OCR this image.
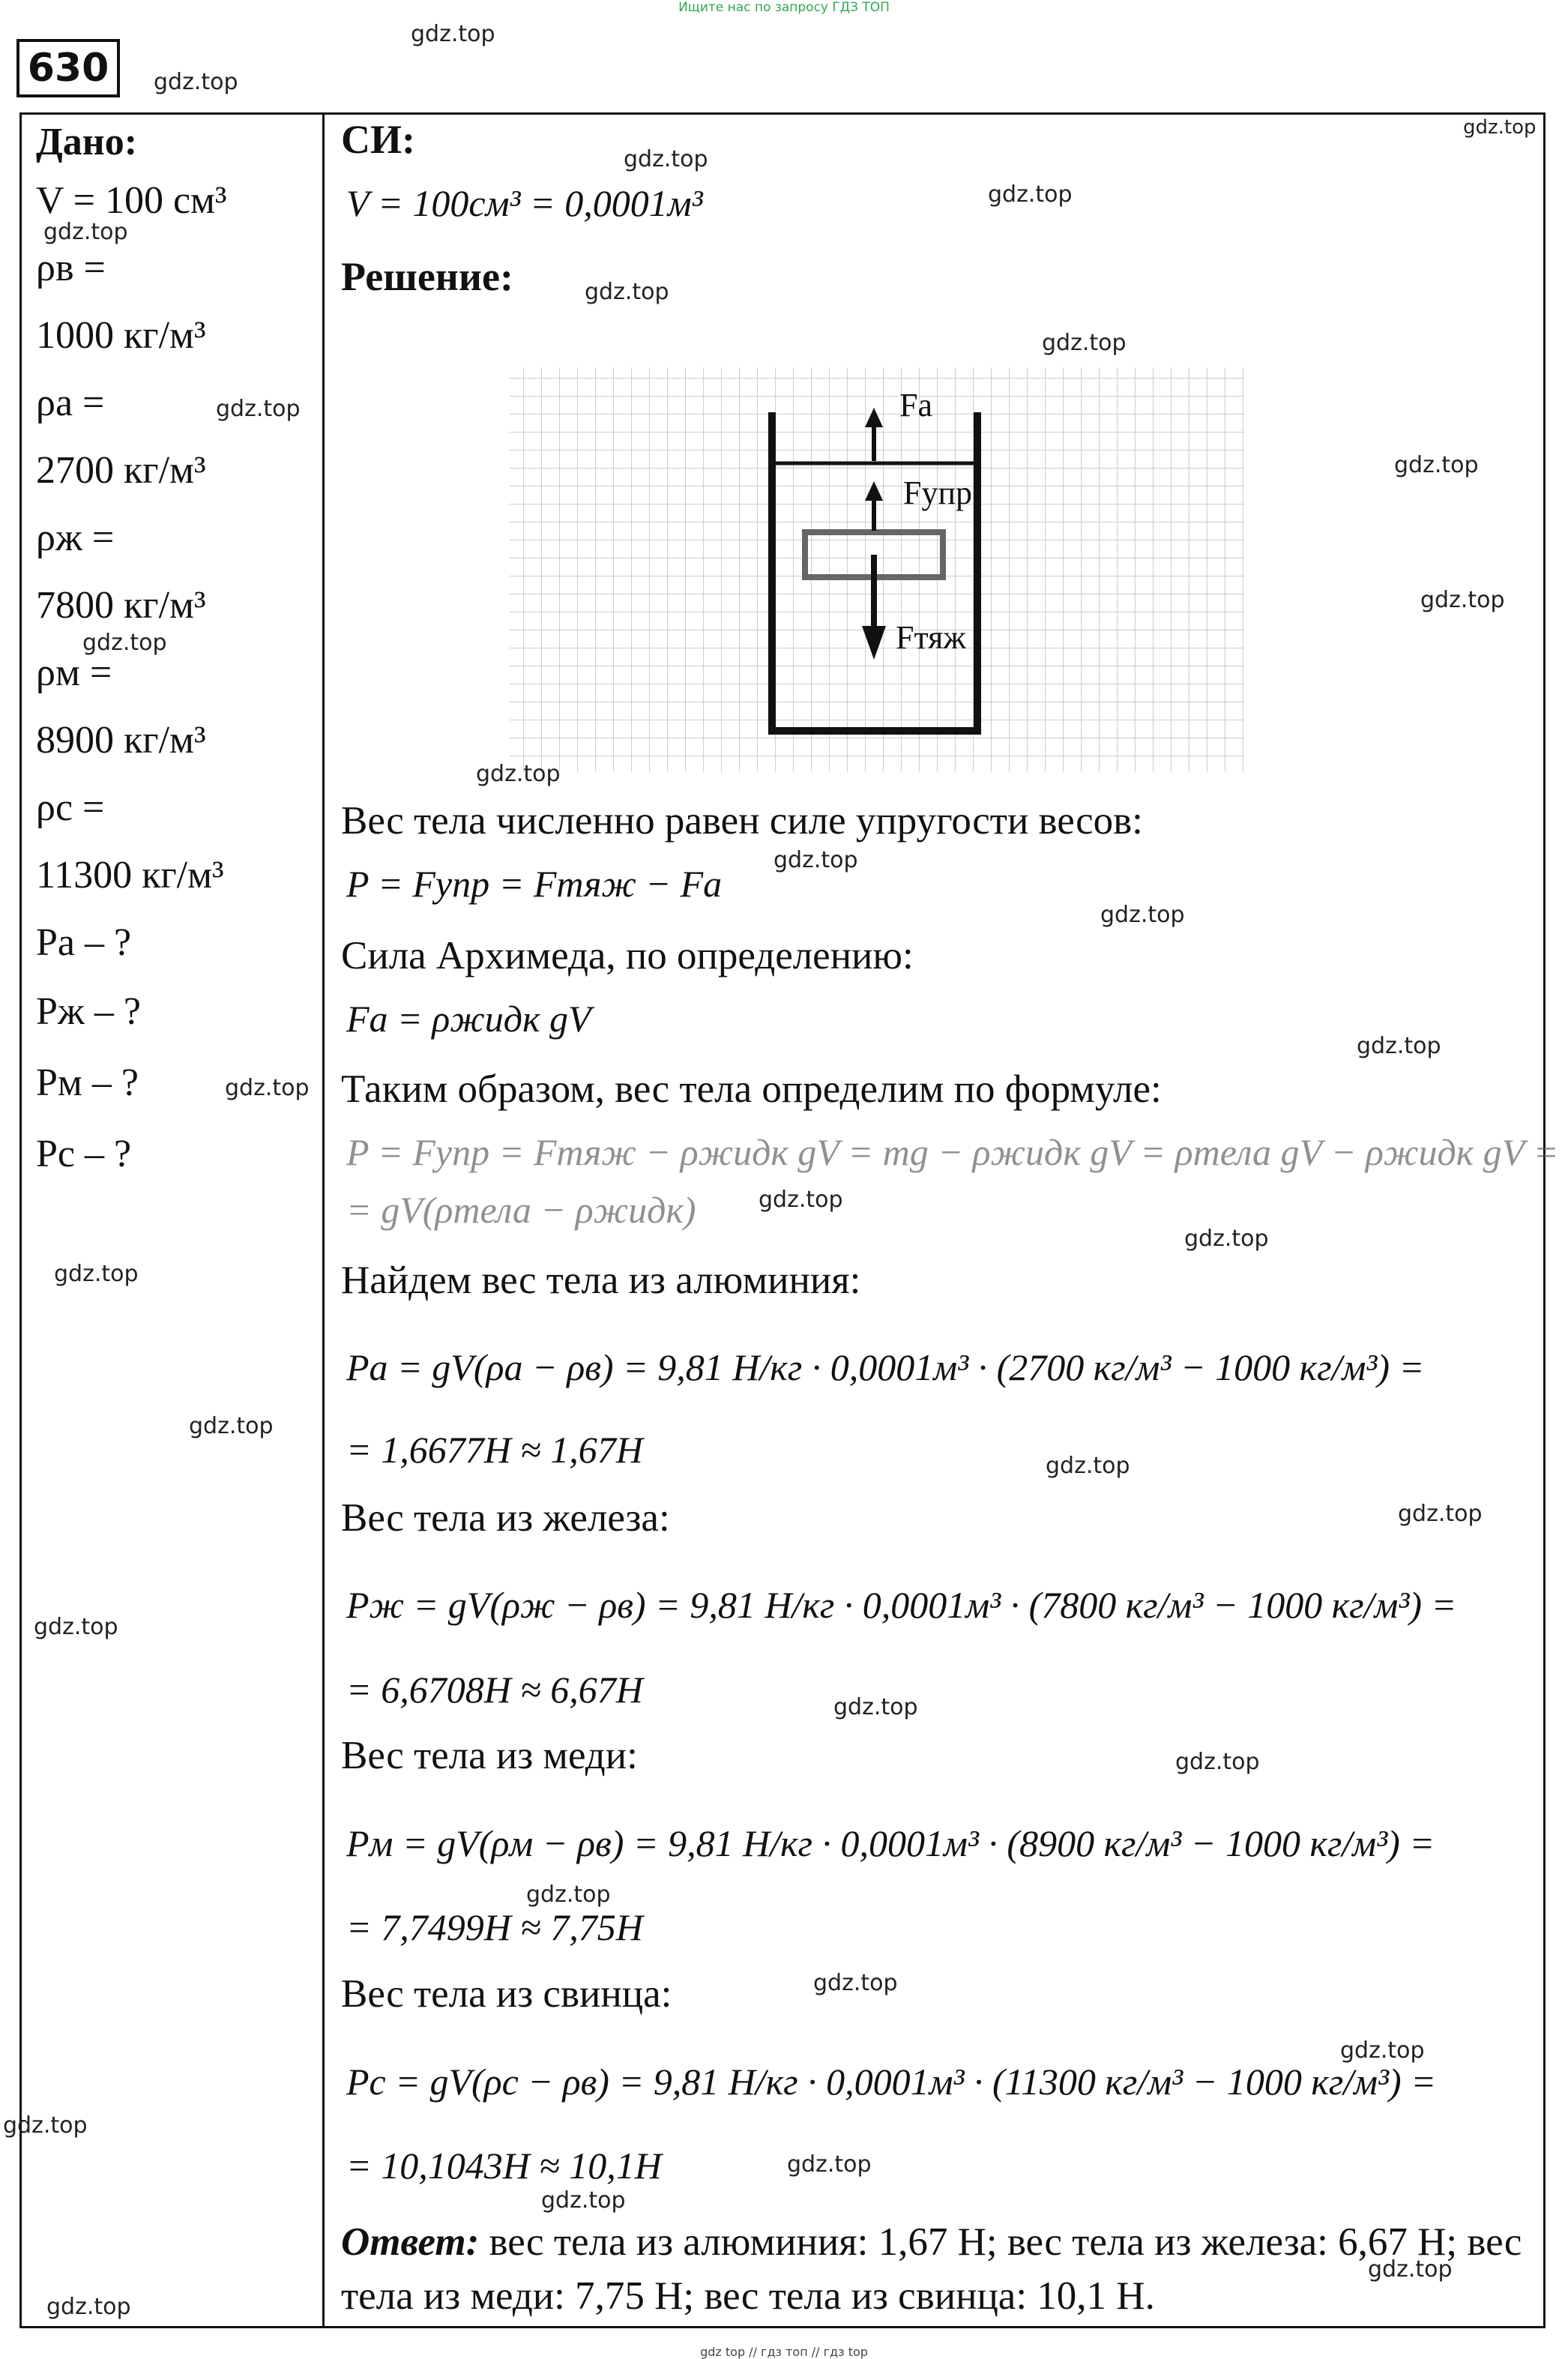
Ищите нас по запросу ГДЗ ТОП
630
Дано:
V = 100 см³
ρв =
1000 кг/м³
ρа =
2700 кг/м³
ρж =
7800 кг/м³
ρм =
8900 кг/м³
ρс =
11300 кг/м³
Pа – ?
Pж – ?
Pм – ?
Pс – ?
СИ:
V = 100см³ = 0,0001м³
Решение:
Fа
Fупр
Fтяж
Вес тела численно равен силе упругости весов:
P = Fупр = Fтяж − Fа
Сила Архимеда, по определению:
Fа = ρжидк gV
Таким образом, вес тела определим по формуле:
P = Fупр = Fтяж − ρжидк gV = mg − ρжидк gV = ρтела gV − ρжидк gV =
= gV(ρтела − ρжидк)
Найдем вес тела из алюминия:
Pа = gV(ρа − ρв) = 9,81 Н/кг · 0,0001м³ · (2700 кг/м³ − 1000 кг/м³) =
= 1,6677Н ≈ 1,67Н
Вес тела из железа:
Pж = gV(ρж − ρв) = 9,81 Н/кг · 0,0001м³ · (7800 кг/м³ − 1000 кг/м³) =
= 6,6708Н ≈ 6,67Н
Вес тела из меди:
Pм = gV(ρм − ρв) = 9,81 Н/кг · 0,0001м³ · (8900 кг/м³ − 1000 кг/м³) =
= 7,7499Н ≈ 7,75Н
Вес тела из свинца:
Pс = gV(ρс − ρв) = 9,81 Н/кг · 0,0001м³ · (11300 кг/м³ − 1000 кг/м³) =
= 10,1043Н ≈ 10,1Н
Ответ: вес тела из алюминия: 1,67 Н; вес тела из железа: 6,67 Н; вес тела из меди: 7,75 Н; вес тела из свинца: 10,1 Н.
gdz.top
gdz.top
gdz.top
gdz.top
gdz.top
gdz.top
gdz.top
gdz.top
gdz.top
gdz.top
gdz.top
gdz.top
gdz.top
gdz.top
gdz.top
gdz.top
gdz.top
gdz.top
gdz.top
gdz.top
gdz.top
gdz.top
gdz.top
gdz.top
gdz.top
gdz.top
gdz.top
gdz.top
gdz.top
gdz.top
gdz.top
gdz.top
gdz.top
gdz.top
gdz top // гдз топ // гдз top
